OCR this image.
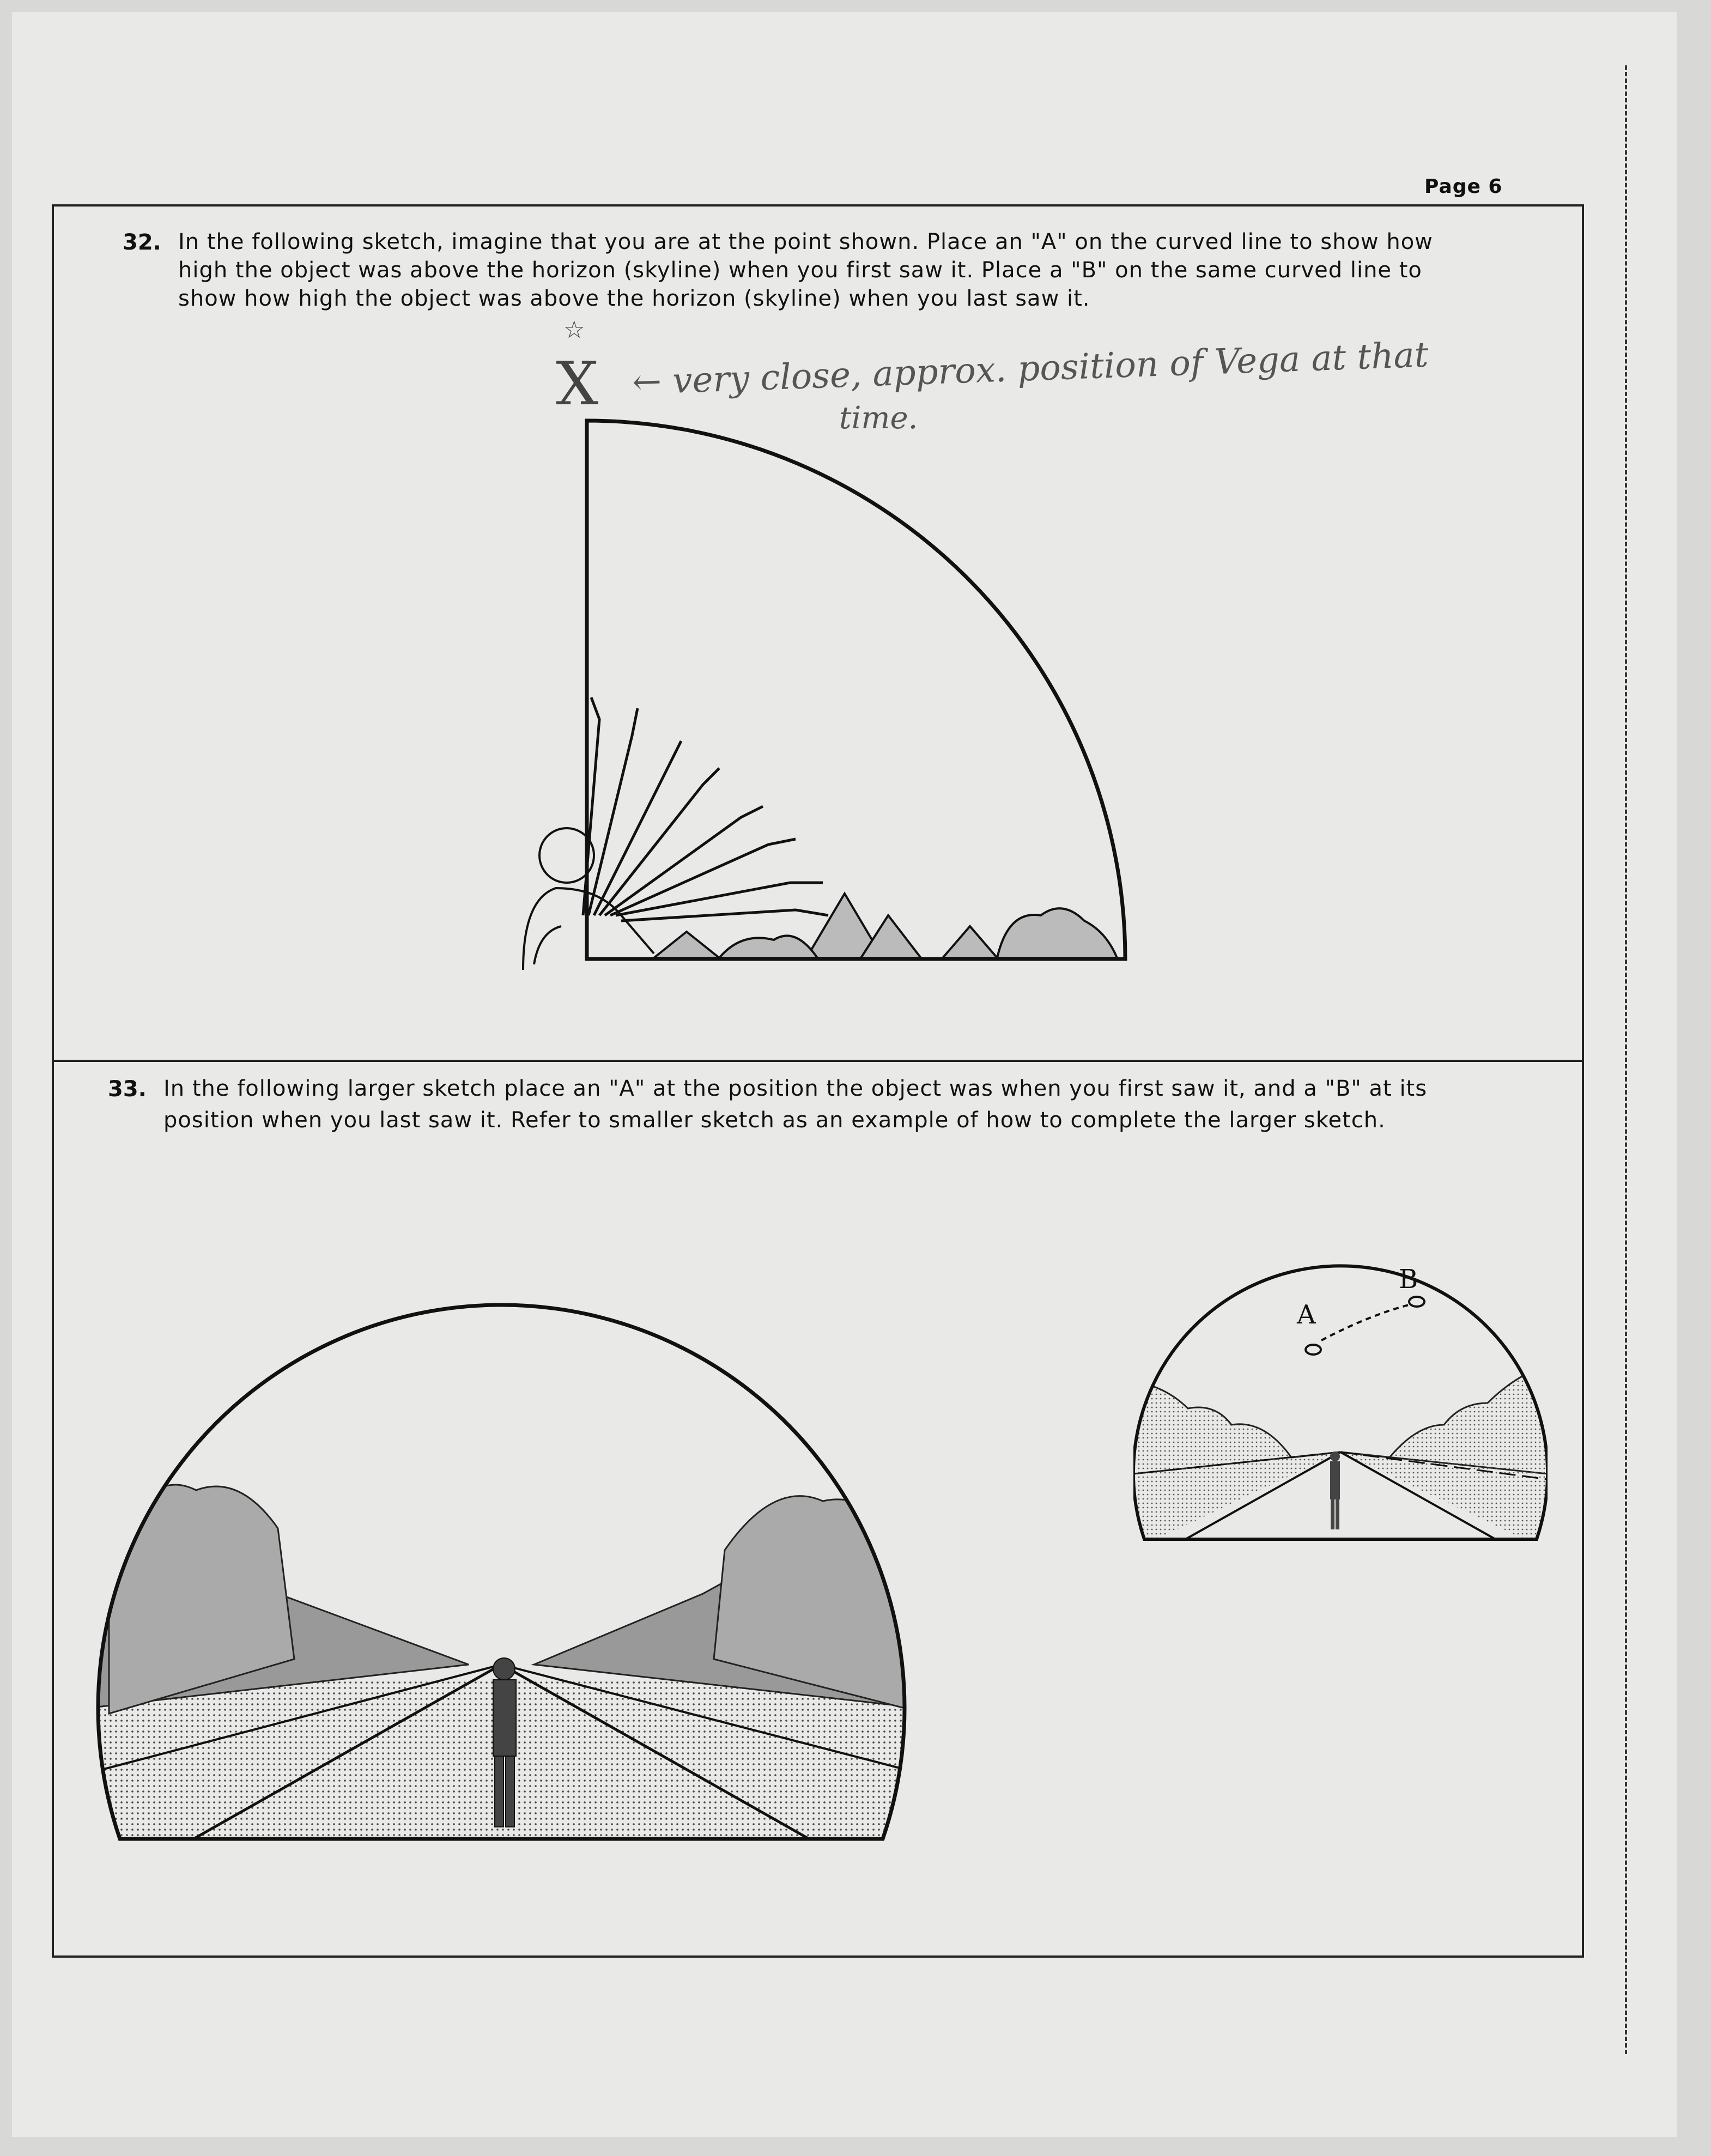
Page 6
32. In the following sketch, imagine that you are at the point shown. Place an "A" on the curved line to show how
high the object was above the horizon (skyline) when you first saw it. Place a "B" on the same curved line to
show how high the object was above the horizon (skyline) when you last saw it.
☆
X ← very close, approx. position of Vega at that
time.
33. In the following larger sketch place an "A" at the position the object was when you first saw it, and a "B" at its
position when you last saw it. Refer to smaller sketch as an example of how to complete the larger sketch.
A
B
